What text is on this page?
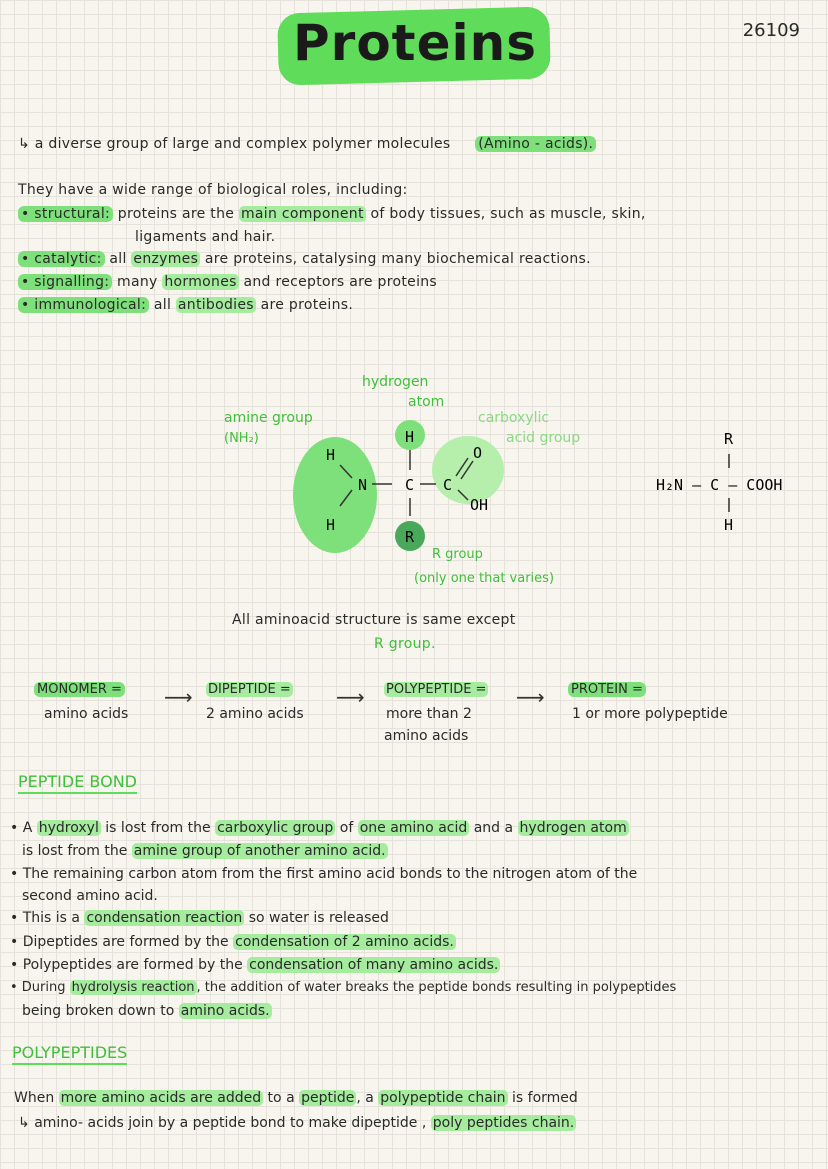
Proteins	26109
↳ a diverse group of large and complex polymer molecules (Amino - acids).
They have a wide range of biological roles, including:
• structural: proteins are the main component of body tissues, such as muscle, skin,
ligaments and hair.
• catalytic: all enzymes are proteins, catalysing many biochemical reactions.
• signalling: many hormones and receptors are proteins
• immunological: all antibodies are proteins.
H
N
H
H
C C
O
OH
R
hydrogen
atom
amine group
(NH₂)
carboxylic
acid group
R group
(only one that varies)
R
H₂N – C – COOH
H
All aminoacid structure is same except
R group.
MONOMER =
amino acids
⟶ DIPEPTIDE =
2 amino acids
⟶ POLYPEPTIDE =
more than 2
amino acids
⟶ PROTEIN =
1 or more polypeptide
PEPTIDE BOND
• A hydroxyl is lost from the carboxylic group of one amino acid and a hydrogen atom
is lost from the amine group of another amino acid.
• The remaining carbon atom from the first amino acid bonds to the nitrogen atom of the
second amino acid.
• This is a condensation reaction so water is released
• Dipeptides are formed by the condensation of 2 amino acids.
• Polypeptides are formed by the condensation of many amino acids.
• During hydrolysis reaction , the addition of water breaks the peptide bonds resulting in polypeptides
being broken down to amino acids.
POLYPEPTIDES
When more amino acids are added to a peptide , a polypeptide chain is formed
↳ amino- acids join by a peptide bond to make dipeptide , poly peptides chain.
